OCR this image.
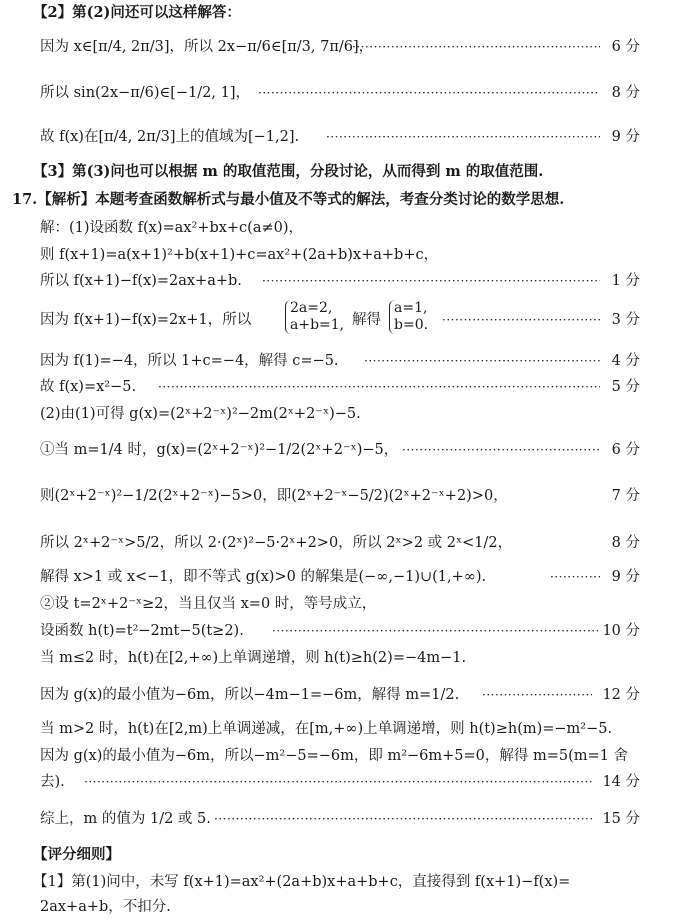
【2】第(2)问还可以这样解答：
因为 x∈[π/4, 2π/3]，所以 2x−π/6∈[π/3, 7π/6]， ·····	6 分
所以 sin(2x−π/6)∈[−1/2, 1]， ·····	8 分
故 f(x)在[π/4, 2π/3]上的值域为[−1,2]. ·····	9 分
【3】第(3)问也可以根据 m 的取值范围，分段讨论，从而得到 m 的取值范围.
17.【解析】本题考查函数解析式与最小值及不等式的解法，考查分类讨论的数学思想.
解：(1)设函数 f(x)=ax²+bx+c(a≠0)，
则 f(x+1)=a(x+1)²+b(x+1)+c=ax²+(2a+b)x+a+b+c，
所以 f(x+1)−f(x)=2ax+a+b. ·····	1 分
因为 f(x+1)−f(x)=2x+1，所以
2a=2,
a+b=1, 解得
a=1,
b=0. ·····	3 分
因为 f(1)=−4，所以 1+c=−4，解得 c=−5. ·····	4 分
故 f(x)=x²−5. ·····	5 分
(2)由(1)可得 g(x)=(2ˣ+2⁻ˣ)²−2m(2ˣ+2⁻ˣ)−5.
①当 m=1/4 时，g(x)=(2ˣ+2⁻ˣ)²−1/2(2ˣ+2⁻ˣ)−5， ·····	6 分
则(2ˣ+2⁻ˣ)²−1/2(2ˣ+2⁻ˣ)−5>0，即(2ˣ+2⁻ˣ−5/2)(2ˣ+2⁻ˣ+2)>0，	7 分
所以 2ˣ+2⁻ˣ>5/2，所以 2·(2ˣ)²−5·2ˣ+2>0，所以 2ˣ>2 或 2ˣ<1/2，	8 分
解得 x>1 或 x<−1，即不等式 g(x)>0 的解集是(−∞,−1)∪(1,+∞). ·····	9 分
②设 t=2ˣ+2⁻ˣ≥2，当且仅当 x=0 时，等号成立，
设函数 h(t)=t²−2mt−5(t≥2). ·····	10 分
当 m≤2 时，h(t)在[2,+∞)上单调递增，则 h(t)≥h(2)=−4m−1.
因为 g(x)的最小值为−6m，所以−4m−1=−6m，解得 m=1/2. ·····	12 分
当 m>2 时，h(t)在[2,m)上单调递减，在[m,+∞)上单调递增，则 h(t)≥h(m)=−m²−5.
因为 g(x)的最小值为−6m，所以−m²−5=−6m，即 m²−6m+5=0，解得 m=5(m=1 舍
去). ·····	14 分
综上，m 的值为 1/2 或 5. ·····	15 分
【评分细则】
【1】第(1)问中，未写 f(x+1)=ax²+(2a+b)x+a+b+c，直接得到 f(x+1)−f(x)=
2ax+a+b，不扣分.
